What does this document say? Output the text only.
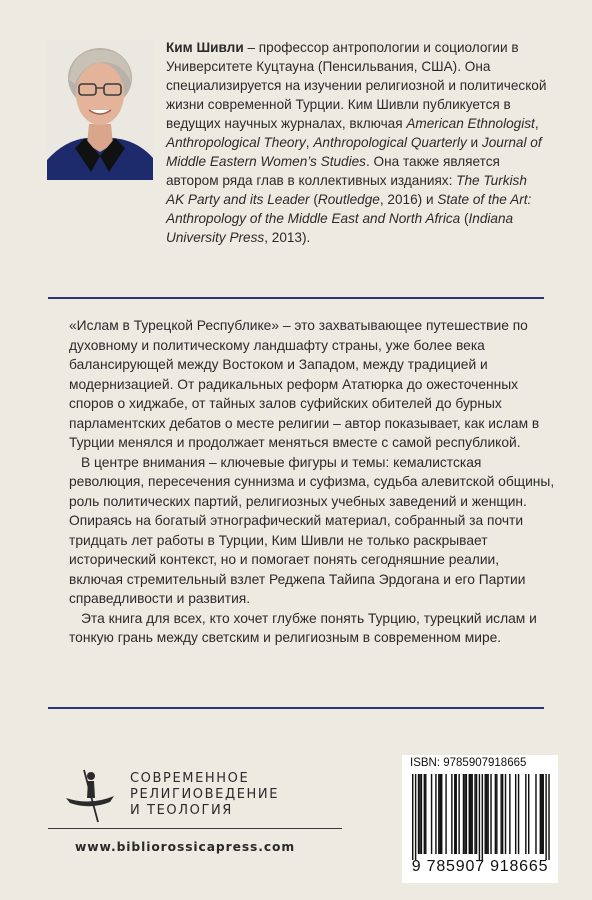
Ким Шивли – профессор антропологии и социологии в Университете Куцтауна (Пенсильвания, США). Она специализируется на изучении религиозной и политической жизни современной Турции. Ким Шивли публикуется в ведущих научных журналах, включая American Ethnologist, Anthropological Theory, Anthropological Quarterly и Journal of Middle Eastern Women’s Studies. Она также является автором ряда глав в коллективных изданиях: The Turkish AK Party and its Leader (Routledge, 2016) и State of the Art: Anthropology of the Middle East and North Africa (Indiana University Press, 2013).

«Ислам в Турецкой Республике» – это захватывающее путешествие по духовному и политическому ландшафту страны, уже более века балансирующей между Востоком и Западом, между традицией и модернизацией. От радикальных реформ Ататюрка до ожесточенных споров о хиджабе, от тайных залов суфийских обителей до бурных парламентских дебатов о месте религии – автор показывает, как ислам в Турции менялся и продолжает меняться вместе с самой республикой.

В центре внимания – ключевые фигуры и темы: кемалистская революция, пересечения суннизма и суфизма, судьба алевитской общины, роль политических партий, религиозных учебных заведений и женщин. Опираясь на богатый этнографический материал, собранный за почти тридцать лет работы в Турции, Ким Шивли не только раскрывает исторический контекст, но и помогает понять сегодняшние реалии, включая стремительный взлет Реджепа Тайипа Эрдогана и его Партии справедливости и развития.

Эта книга для всех, кто хочет глубже понять Турцию, турецкий ислам и тонкую грань между светским и религиозным в современном мире.

СОВРЕМЕННОЕ
РЕЛИГИОВЕДЕНИЕ
И ТЕОЛОГИЯ
www.bibliorossicapress.com
ISBN: 9785907918665
9 785907 918665
